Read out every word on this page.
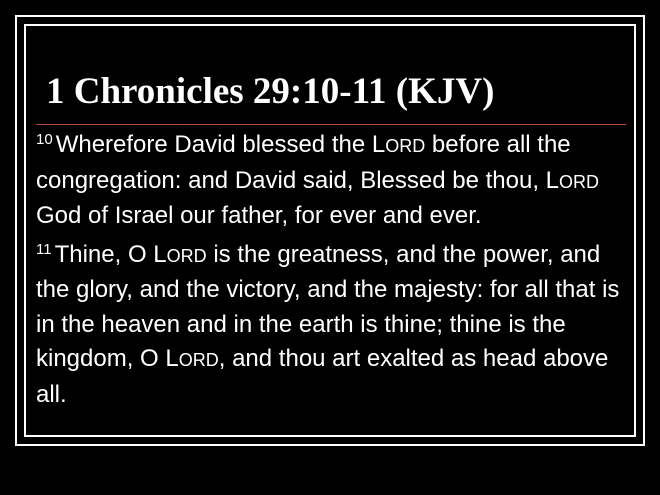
1 Chronicles 29:10-11 (KJV)

$^{10}$ Wherefore David blessed the LORD before all the congregation: and David said, Blessed be thou, LORD God of Israel our father, for ever and ever.

$^{11}$ Thine, O LORD is the greatness, and the power, and the glory, and the victory, and the majesty: for all that is in the heaven and in the earth is thine; thine is the kingdom, O LORD, and thou art exalted as head above all.
